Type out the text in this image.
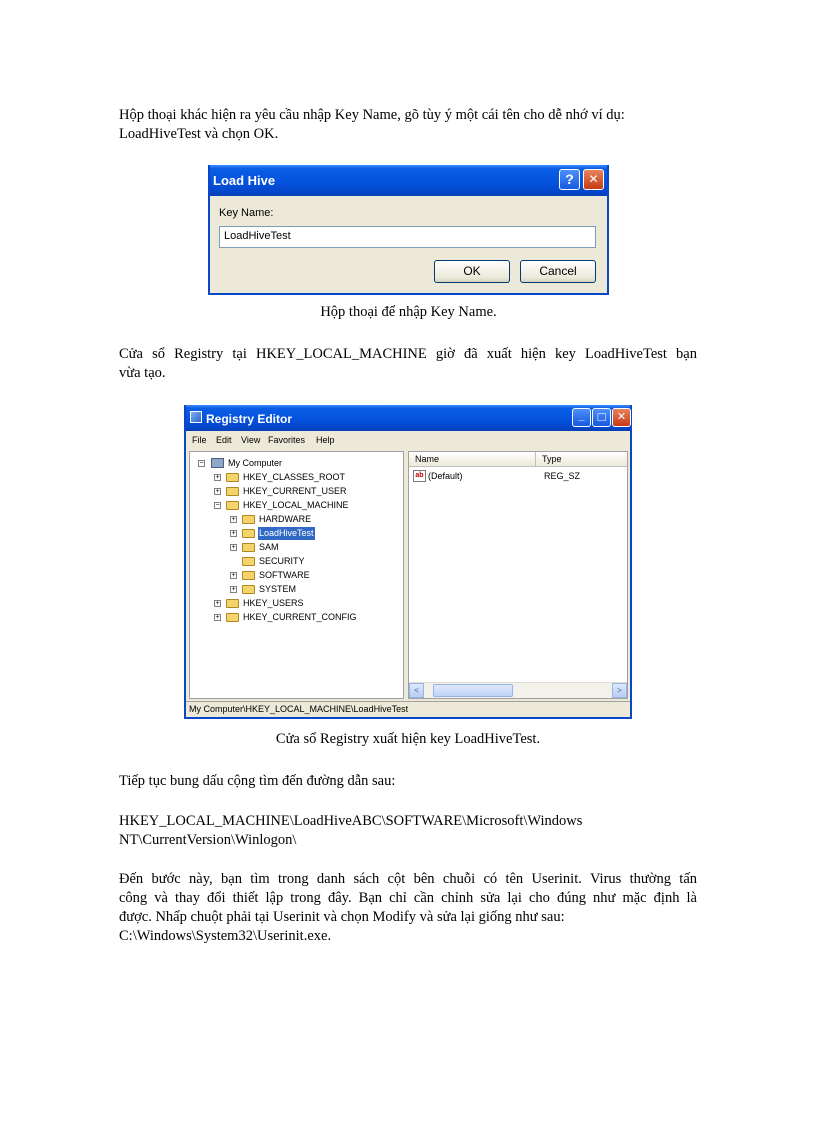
Hộp thoại khác hiện ra yêu cầu nhập Key Name, gõ tùy ý một cái tên cho dễ nhớ ví dụ:

LoadHiveTest và chọn OK.

Load Hive	?	✕
Key Name:
LoadHiveTest
OK	Cancel
Hộp thoại để nhập Key Name.

Cửa sổ Registry tại HKEY_LOCAL_MACHINE giờ đã xuất hiện key LoadHiveTest bạn

vừa tạo.

Registry Editor	_	□	✕
File Edit View Favorites Help
−	My Computer
+	HKEY_CLASSES_ROOT
+	HKEY_CURRENT_USER
−	HKEY_LOCAL_MACHINE
+	HARDWARE
+	LoadHiveTest
+	SAM
SECURITY
+	SOFTWARE
+	SYSTEM
+	HKEY_USERS
+	HKEY_CURRENT_CONFIG
Name	Type
ab (Default)	REG_SZ
<	>
My Computer\HKEY_LOCAL_MACHINE\LoadHiveTest
Cửa sổ Registry xuất hiện key LoadHiveTest.

Tiếp tục bung dấu cộng tìm đến đường dẫn sau:

HKEY_LOCAL_MACHINE\LoadHiveABC\SOFTWARE\Microsoft\Windows

NT\CurrentVersion\Winlogon\

Đến bước này, bạn tìm trong danh sách cột bên chuỗi có tên Userinit. Virus thường tấn

công và thay đổi thiết lập trong đây. Bạn chỉ cần chỉnh sửa lại cho đúng như mặc định là

được. Nhấp chuột phải tại Userinit và chọn Modify và sửa lại giống như sau:

C:\Windows\System32\Userinit.exe.
